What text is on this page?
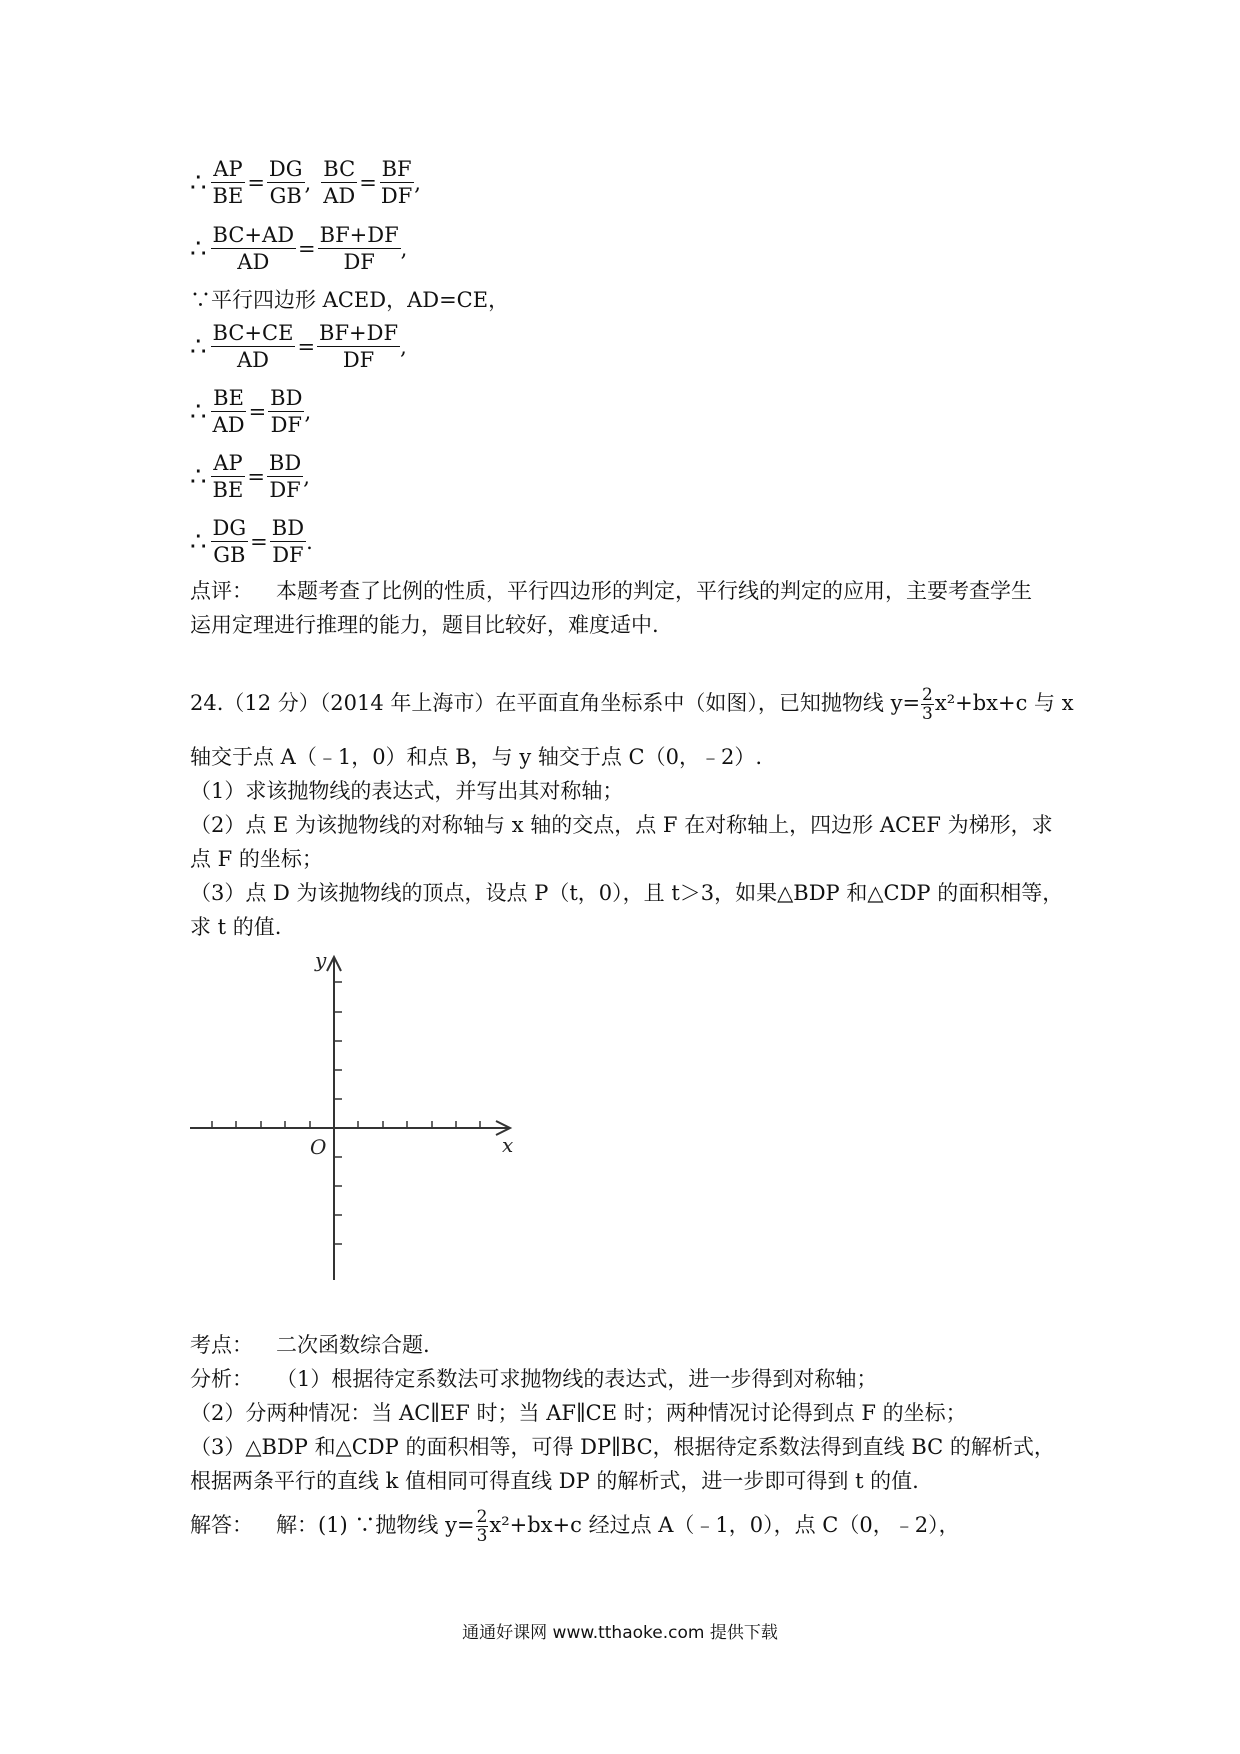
∴ $\frac{AP}{BE} = \frac{DG}{GB}$ , $\frac{BC}{AD} = \frac{BF}{DF}$ ,
∴ $\frac{BC+AD}{AD} = \frac{BF+DF}{DF}$ ,
∵平行四边形 ACED，AD=CE，
∴ $\frac{BC+CE}{AD} = \frac{BF+DF}{DF}$ ,
∴ $\frac{BE}{AD} = \frac{BD}{DF}$ ,
∴ $\frac{AP}{BE} = \frac{BD}{DF}$ ,
∴ $\frac{DG}{GB} = \frac{BD}{DF}$ .
点评： 本题考查了比例的性质，平行四边形的判定，平行线的判定的应用，主要考查学生
运用定理进行推理的能力，题目比较好，难度适中.
24.（12 分）（2014 年上海市）在平面直角坐标系中（如图），已知抛物线 $y= \frac{2}{3} x^2+bx+c$ 与 x
轴交于点 A（﹣1，0）和点 B，与 y 轴交于点 C（0，﹣2）.
（1）求该抛物线的表达式，并写出其对称轴；
（2）点 E 为该抛物线的对称轴与 x 轴的交点，点 F 在对称轴上，四边形 ACEF 为梯形，求
点 F 的坐标；
（3）点 D 为该抛物线的顶点，设点 P（t，0），且 t＞3，如果△BDP 和△CDP 的面积相等，
求 t 的值.
y
x
O
考点： 二次函数综合题.
分析： （1）根据待定系数法可求抛物线的表达式，进一步得到对称轴；
（2）分两种情况：当 AC∥EF 时；当 AF∥CE 时；两种情况讨论得到点 F 的坐标；
（3）△BDP 和△CDP 的面积相等，可得 DP∥BC，根据待定系数法得到直线 BC 的解析式，
根据两条平行的直线 k 值相同可得直线 DP 的解析式，进一步即可得到 t 的值.
解答： 解：(1) ∵抛物线 $y= \frac{2}{3} x^2+bx+c$ 经过点 A（﹣1，0），点 C（0，﹣2），
通通好课网 www.tthaoke.com 提供下载
